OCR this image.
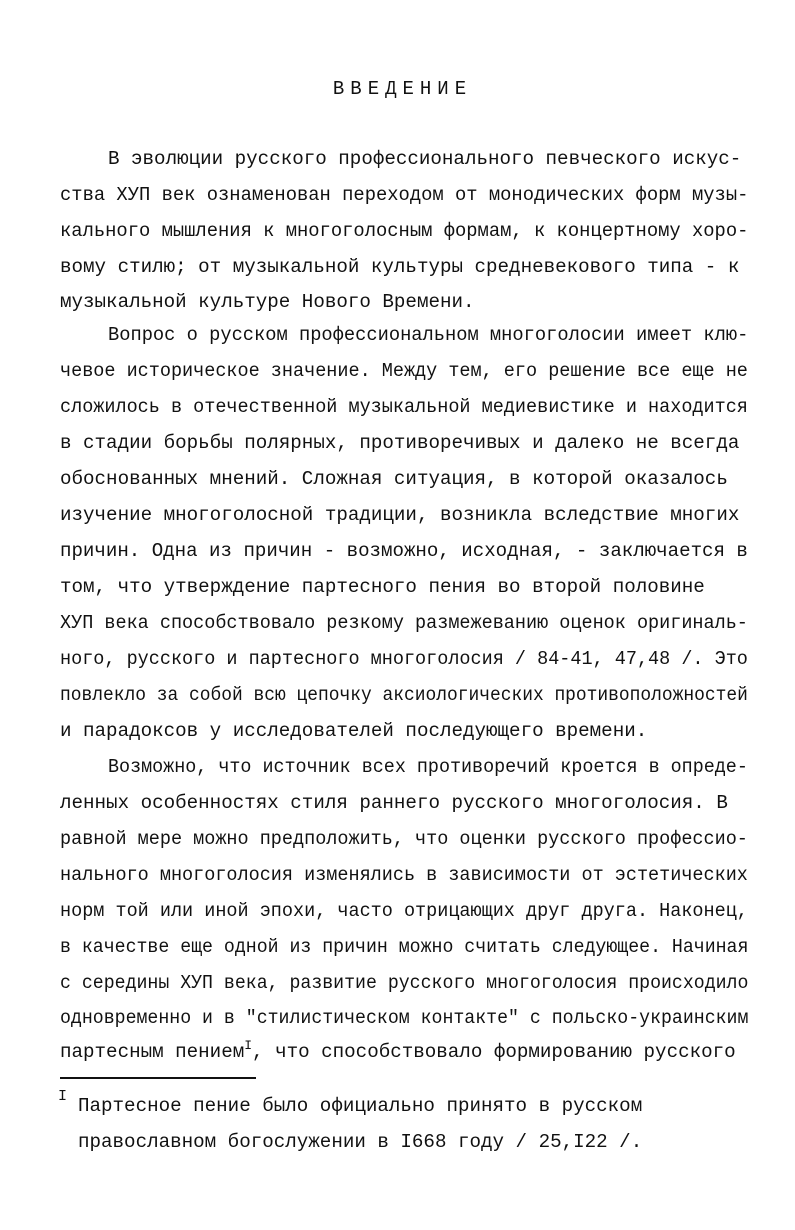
ВВЕДЕНИЕ
В эволюции русского профессионального певческого искус-
ства ХУП век ознаменован переходом от монодических форм музы-
кального мышления к многоголосным формам, к концертному хоро-
вому стилю; от музыкальной культуры средневекового типа - к
музыкальной культуре Нового Времени.
Вопрос о русском профессиональном многоголосии имеет клю-
чевое историческое значение. Между тем, его решение все еще не
сложилось в отечественной музыкальной медиевистике и находится
в стадии борьбы полярных, противоречивых и далеко не всегда
обоснованных мнений. Сложная ситуация, в которой оказалось
изучение многоголосной традиции, возникла вследствие многих
причин. Одна из причин - возможно, исходная, - заключается в
том, что утверждение партесного пения во второй половине
ХУП века способствовало резкому размежеванию оценок оригиналь-
ного, русского и партесного многоголосия / 84-41, 47,48 /. Это
повлекло за собой всю цепочку аксиологических противоположностей
и парадоксов у исследователей последующего времени.
Возможно, что источник всех противоречий кроется в опреде-
ленных особенностях стиля раннего русского многоголосия. В
равной мере можно предположить, что оценки русского профессио-
нального многоголосия изменялись в зависимости от эстетических
норм той или иной эпохи, часто отрицающих друг друга. Наконец,
в качестве еще одной из причин можно считать следующее. Начиная
с середины ХУП века, развитие русского многоголосия происходило
одновременно и в "стилистическом контакте" с польско-украинским
партесным пением$^I$, что способствовало формированию русского
I Партесное пение было официально принято в русском
православном богослужении в I668 году / 25,I22 /.
